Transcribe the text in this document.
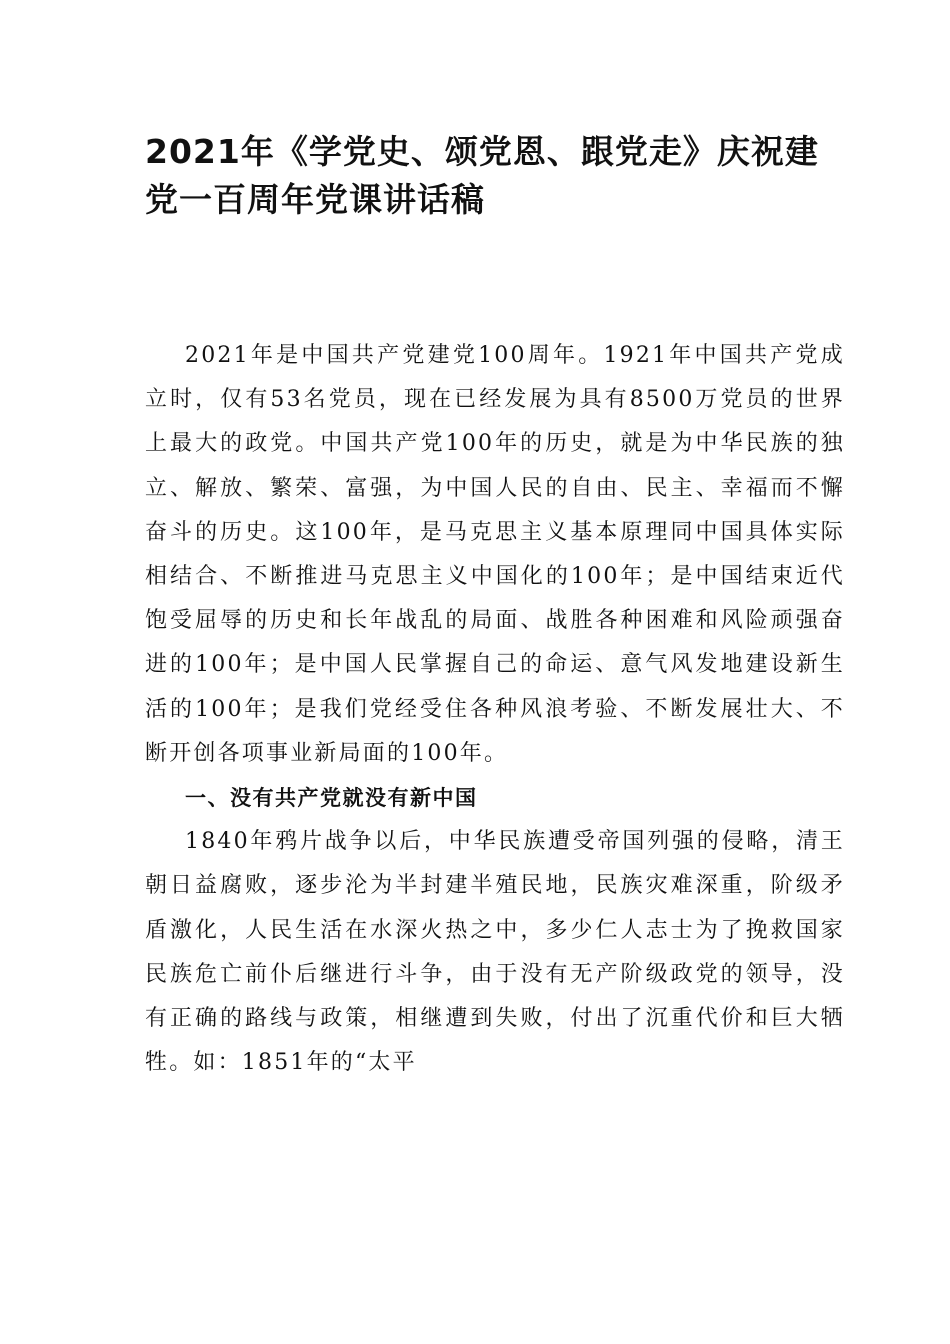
2021年《学党史、颂党恩、跟党走》庆祝建党一百周年党课讲话稿

2021年是中国共产党建党100周年。1921年中国共产党成立时，仅有53名党员，现在已经发展为具有8500万党员的世界上最大的政党。中国共产党100年的历史，就是为中华民族的独立、解放、繁荣、富强，为中国人民的自由、民主、幸福而不懈奋斗的历史。这100年，是马克思主义基本原理同中国具体实际相结合、不断推进马克思主义中国化的100年；是中国结束近代饱受屈辱的历史和长年战乱的局面、战胜各种困难和风险顽强奋进的100年；是中国人民掌握自己的命运、意气风发地建设新生活的100年；是我们党经受住各种风浪考验、不断发展壮大、不断开创各项事业新局面的100年。

一、没有共产党就没有新中国

1840年鸦片战争以后，中华民族遭受帝国列强的侵略，清王朝日益腐败，逐步沦为半封建半殖民地，民族灾难深重，阶级矛盾激化，人民生活在水深火热之中，多少仁人志士为了挽救国家民族危亡前仆后继进行斗争，由于没有无产阶级政党的领导，没有正确的路线与政策，相继遭到失败，付出了沉重代价和巨大牺牲。如：1851年的“太平
